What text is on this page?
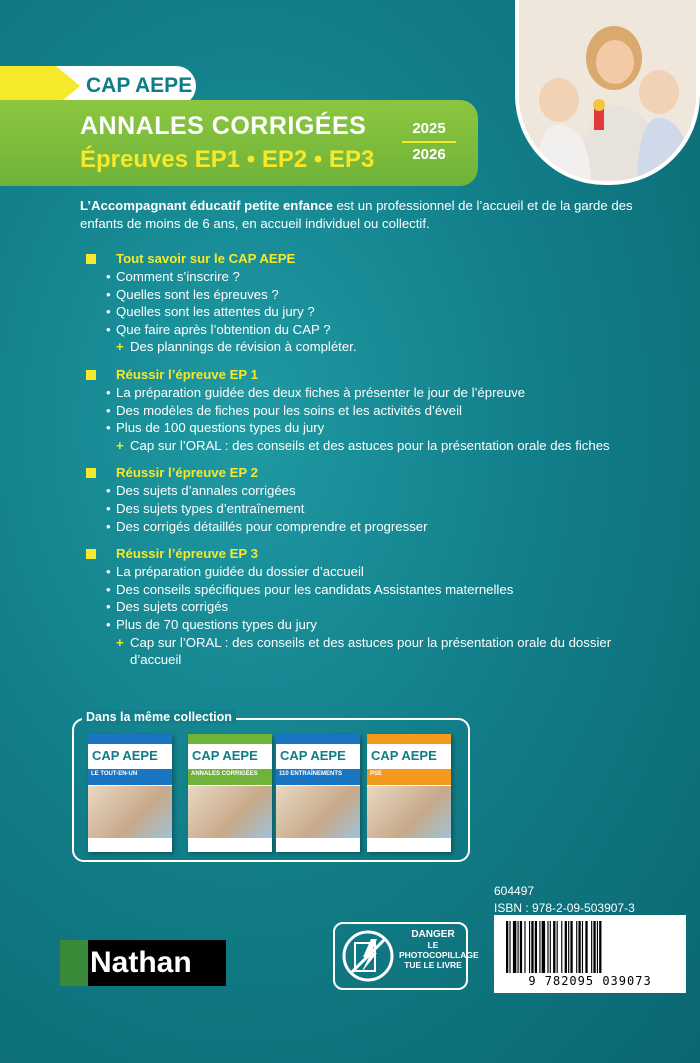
CAP AEPE
ANNALES CORRIGÉES
Épreuves EP1 • EP2 • EP3
2025
2026
L’Accompagnant éducatif petite enfance est un professionnel de l’accueil et de la garde des enfants de moins de 6 ans, en accueil individuel ou collectif.
Tout savoir sur le CAP AEPE
• Comment s’inscrire ?
• Quelles sont les épreuves ?
• Quelles sont les attentes du jury ?
• Que faire après l’obtention du CAP ?
+ Des plannings de révision à compléter.
Réussir l’épreuve EP 1
• La préparation guidée des deux fiches à présenter le jour de l’épreuve
• Des modèles de fiches pour les soins et les activités d’éveil
• Plus de 100 questions types du jury
+ Cap sur l’ORAL : des conseils et des astuces pour la présentation orale des fiches
Réussir l’épreuve EP 2
• Des sujets d’annales corrigées
• Des sujets types d’entraînement
• Des corrigés détaillés pour comprendre et progresser
Réussir l’épreuve EP 3
• La préparation guidée du dossier d’accueil
• Des conseils spécifiques pour les candidats Assistantes maternelles
• Des sujets corrigés
• Plus de 70 questions types du jury
+ Cap sur l’ORAL : des conseils et des astuces pour la présentation orale du dossier d’accueil
Dans la même collection
CAP AEPE
LE TOUT-EN-UN
CAP AEPE
ANNALES CORRIGÉES
CAP AEPE
110 ENTRAÎNEMENTS
CAP AEPE
PSE
604497
ISBN : 978-2-09-503907-3
9 782095 039073
DANGER
LE
PHOTOCOPILLAGE
TUE LE LIVRE
Nathan
